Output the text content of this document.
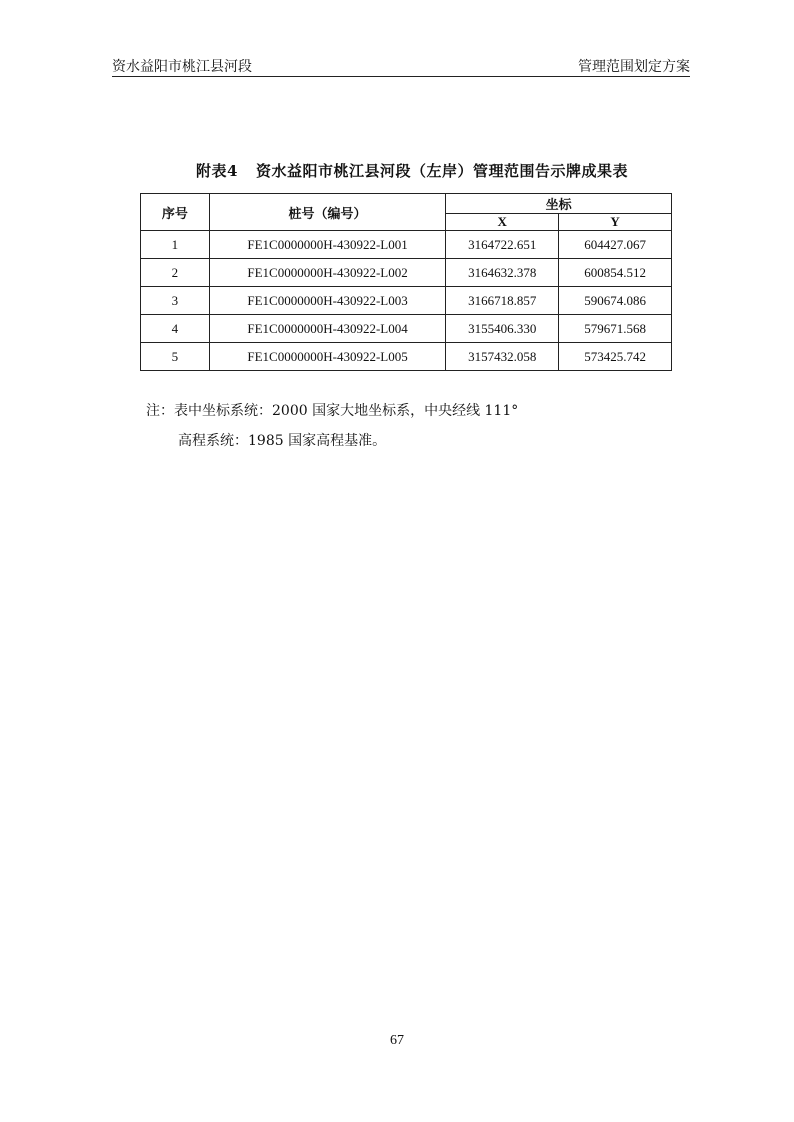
资水益阳市桃江县河段	管理范围划定方案
附表4 资水益阳市桃江县河段（左岸）管理范围告示牌成果表
序号	桩号（编号）	坐标	
		X	Y
1	FE1C0000000H-430922-L001	3164722.651	604427.067
2	FE1C0000000H-430922-L002	3164632.378	600854.512
3	FE1C0000000H-430922-L003	3166718.857	590674.086
4	FE1C0000000H-430922-L004	3155406.330	579671.568
5	FE1C0000000H-430922-L005	3157432.058	573425.742
注：表中坐标系统：2000 国家大地坐标系，中央经线 111°
高程系统：1985 国家高程基准。
67
